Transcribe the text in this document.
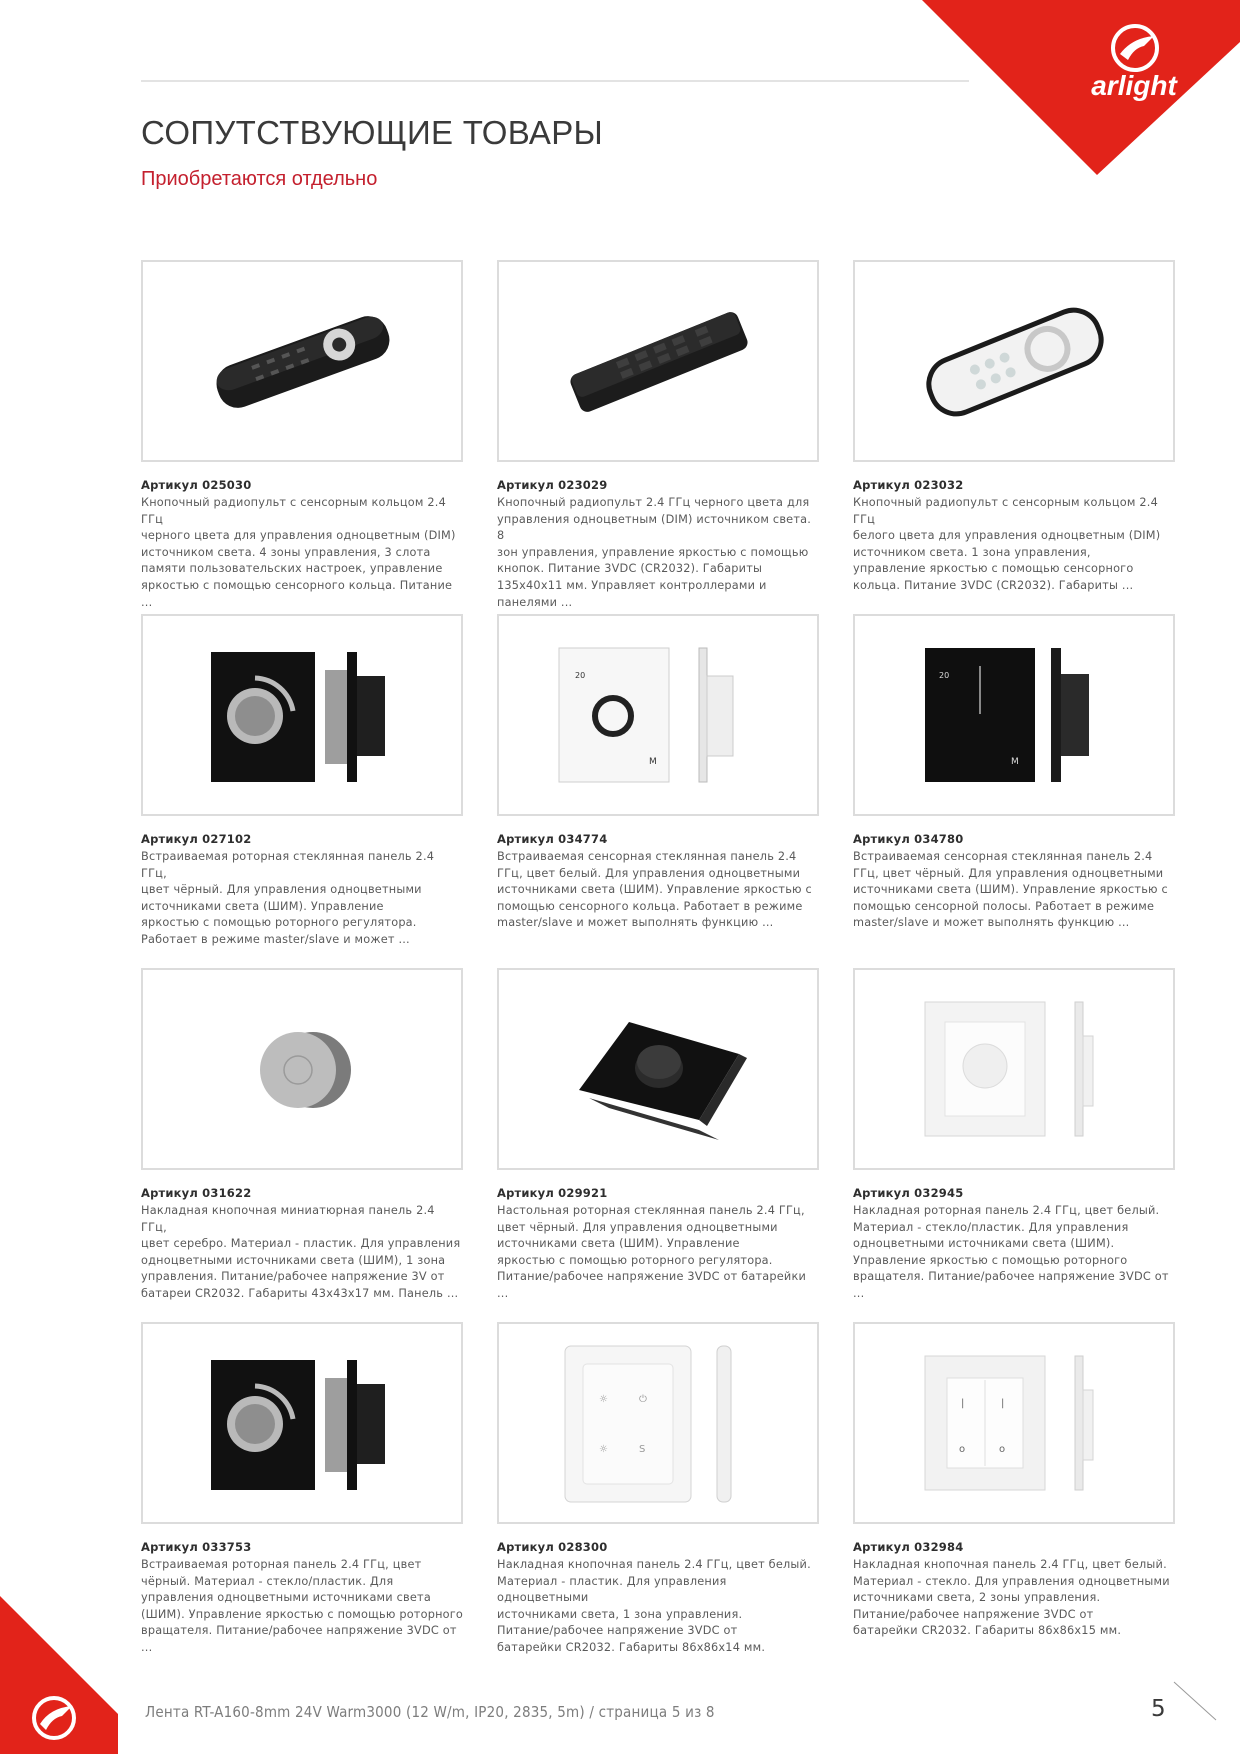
arlight
СОПУТСТВУЮЩИЕ ТОВАРЫ

Приобретаются отдельно

Артикул 025030
Кнопочный радиопульт с сенсорным кольцом 2.4 ГГц
черного цвета для управления одноцветным (DIM)
источником света. 4 зоны управления, 3 слота
памяти пользовательских настроек, управление
яркостью с помощью сенсорного кольца. Питание ...
Артикул 023029
Кнопочный радиопульт 2.4 ГГц черного цвета для
управления одноцветным (DIM) источником света. 8
зон управления, управление яркостью с помощью
кнопок. Питание 3VDC (CR2032). Габариты
135x40x11 мм. Управляет контроллерами и панелями ...
Артикул 023032
Кнопочный радиопульт с сенсорным кольцом 2.4 ГГц
белого цвета для управления одноцветным (DIM)
источником света. 1 зона управления,
управление яркостью с помощью сенсорного
кольца. Питание 3VDC (CR2032). Габариты ...
Артикул 027102
Встраиваемая роторная стеклянная панель 2.4 ГГц,
цвет чёрный. Для управления одноцветными
источниками света (ШИМ). Управление
яркостью с помощью роторного регулятора.
Работает в режиме master/slave и может ...
20
M
Артикул 034774
Встраиваемая сенсорная стеклянная панель 2.4
ГГц, цвет белый. Для управления одноцветными
источниками света (ШИМ). Управление яркостью с
помощью сенсорного кольца. Работает в режиме
master/slave и может выполнять функцию ...
20
M
Артикул 034780
Встраиваемая сенсорная стеклянная панель 2.4
ГГц, цвет чёрный. Для управления одноцветными
источниками света (ШИМ). Управление яркостью с
помощью сенсорной полосы. Работает в режиме
master/slave и может выполнять функцию ...
Артикул 031622
Накладная кнопочная миниатюрная панель 2.4 ГГц,
цвет серебро. Материал - пластик. Для управления
одноцветными источниками света (ШИМ), 1 зона
управления. Питание/рабочее напряжение 3V от
батареи CR2032. Габариты 43x43x17 мм. Панель ...
Артикул 029921
Настольная роторная стеклянная панель 2.4 ГГц,
цвет чёрный. Для управления одноцветными
источниками света (ШИМ). Управление
яркостью с помощью роторного регулятора.
Питание/рабочее напряжение 3VDC от батарейки ...
Артикул 032945
Накладная роторная панель 2.4 ГГц, цвет белый.
Материал - стекло/пластик. Для управления
одноцветными источниками света (ШИМ).
Управление яркостью с помощью роторного
вращателя. Питание/рабочее напряжение 3VDC от ...
Артикул 033753
Встраиваемая роторная панель 2.4 ГГц, цвет
чёрный. Материал - стекло/пластик. Для
управления одноцветными источниками света
(ШИМ). Управление яркостью с помощью роторного
вращателя. Питание/рабочее напряжение 3VDC от ...
☼	⏻
☼	S
Артикул 028300
Накладная кнопочная панель 2.4 ГГц, цвет белый.
Материал - пластик. Для управления одноцветными
источниками света, 1 зона управления.
Питание/рабочее напряжение 3VDC от
батарейки CR2032. Габариты 86x86x14 мм.
|	|
o	o
Артикул 032984
Накладная кнопочная панель 2.4 ГГц, цвет белый.
Материал - стекло. Для управления одноцветными
источниками света, 2 зоны управления.
Питание/рабочее напряжение 3VDC от
батарейки CR2032. Габариты 86x86x15 мм.
Лента RT-A160-8mm 24V Warm3000 (12 W/m, IP20, 2835, 5m) / страница 5 из 8	5
